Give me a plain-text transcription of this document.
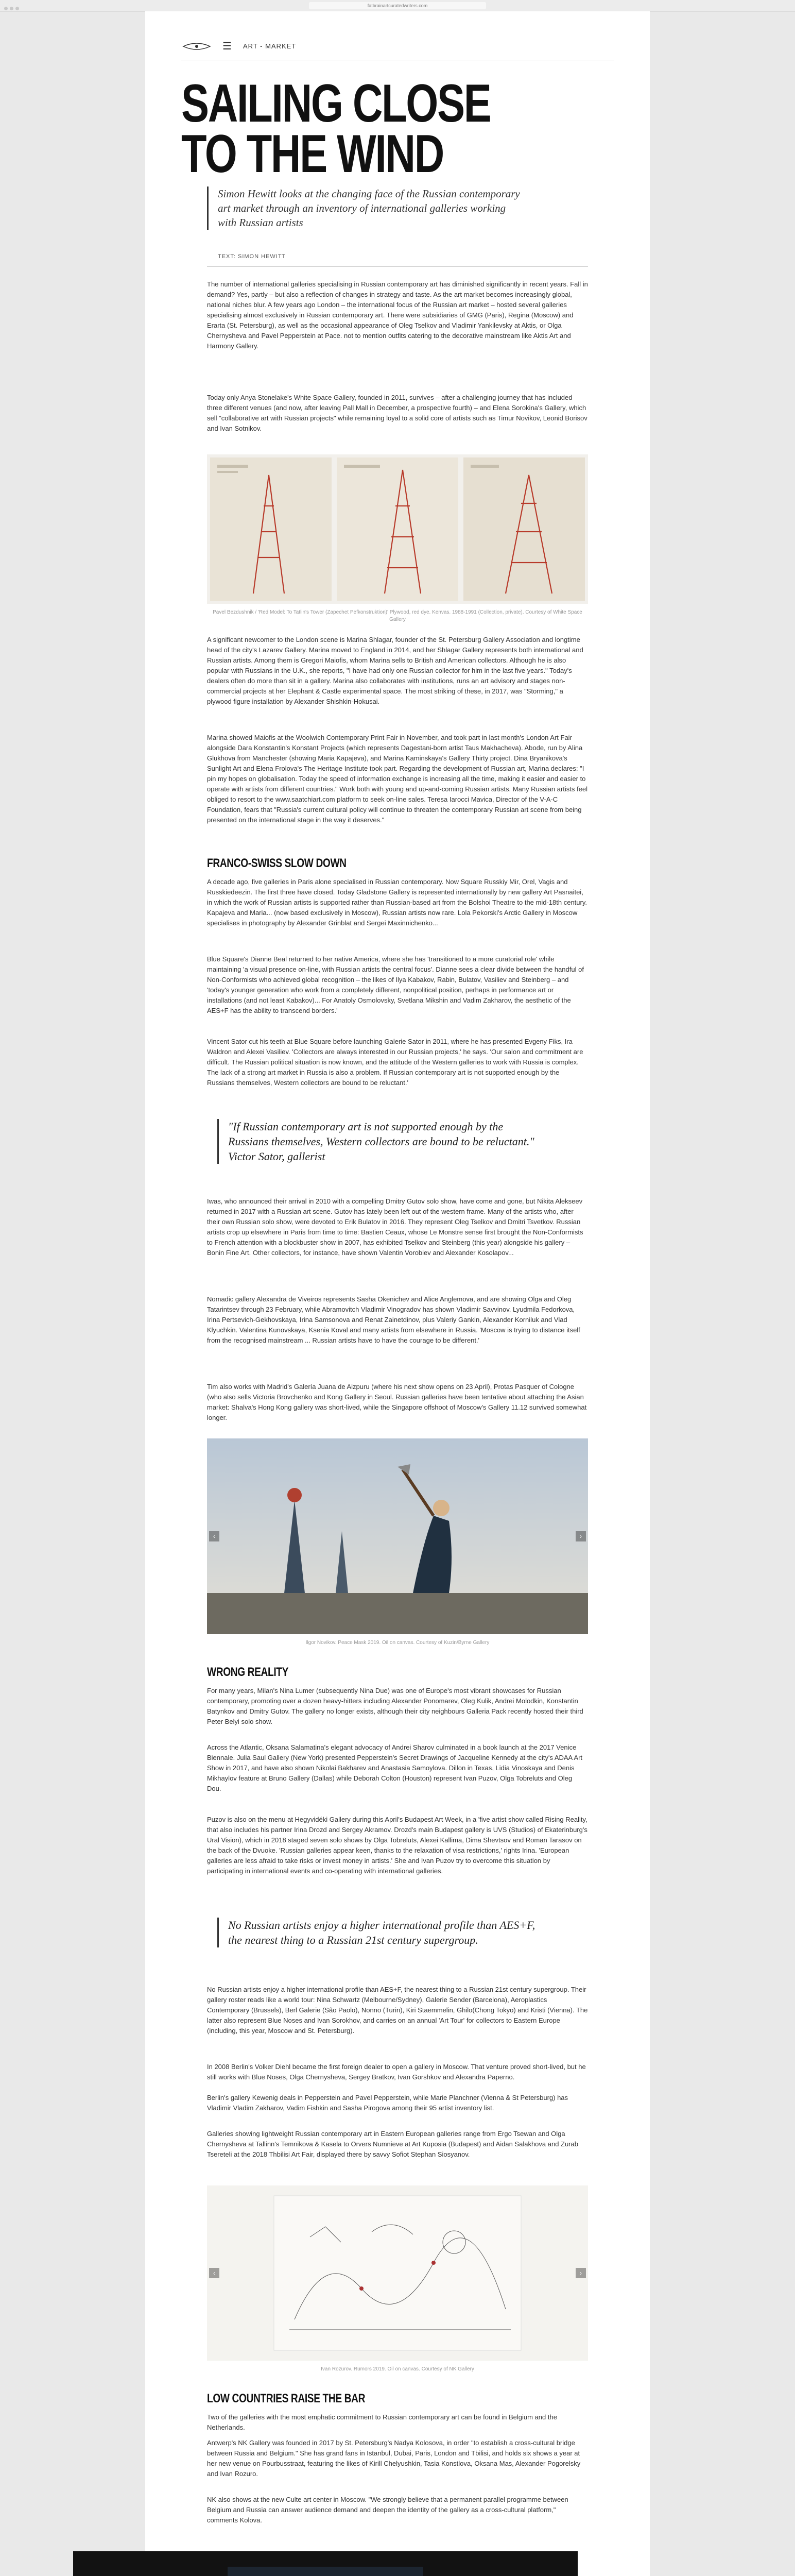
fatbrainartcuratedwriters.com
☰ ART - MARKET
SAILING CLOSE
TO THE WIND
Simon Hewitt looks at the changing face of the Russian contemporary art market through an inventory of international galleries working with Russian artists
TEXT: SIMON HEWITT

The number of international galleries specialising in Russian contemporary art has diminished significantly in recent years. Fall in demand? Yes, partly – but also a reflection of changes in strategy and taste. As the art market becomes increasingly global, national niches blur. A few years ago London – the international focus of the Russian art market – hosted several galleries specialising almost exclusively in Russian contemporary art. There were subsidiaries of GMG (Paris), Regina (Moscow) and Erarta (St. Petersburg), as well as the occasional appearance of Oleg Tselkov and Vladimir Yankilevsky at Aktis, or Olga Chernysheva and Pavel Pepperstein at Pace. not to mention outfits catering to the decorative mainstream like Aktis Art and Harmony Gallery.

Today only Anya Stonelake's White Space Gallery, founded in 2011, survives – after a challenging journey that has included three different venues (and now, after leaving Pall Mall in December, a prospective fourth) – and Elena Sorokina's Gallery, which sell "collaborative art with Russian projects" while remaining loyal to a solid core of artists such as Timur Novikov, Leonid Borisov and Ivan Sotnikov.

Pavel Bezdushnik / 'Red Model: To Tatlin's Tower (Zapechet Pefkonstruktion)' Plywood, red dye. Kenvas. 1988-1991 (Collection, private). Courtesy of White Space Gallery

A significant newcomer to the London scene is Marina Shlagar, founder of the St. Petersburg Gallery Association and longtime head of the city's Lazarev Gallery. Marina moved to England in 2014, and her Shlagar Gallery represents both international and Russian artists. Among them is Gregori Maiofis, whom Marina sells to British and American collectors. Although he is also popular with Russians in the U.K., she reports, "I have had only one Russian collector for him in the last five years." Today's dealers often do more than sit in a gallery. Marina also collaborates with institutions, runs an art advisory and stages non-commercial projects at her Elephant & Castle experimental space. The most striking of these, in 2017, was "Storming," a plywood figure installation by Alexander Shishkin-Hokusai.

Marina showed Maiofis at the Woolwich Contemporary Print Fair in November, and took part in last month's London Art Fair alongside Dara Konstantin's Konstant Projects (which represents Dagestani-born artist Taus Makhacheva). Abode, run by Alina Glukhova from Manchester (showing Maria Kapajeva), and Marina Kaminskaya's Gallery Thirty project. Dina Bryanikova's Sunlight Art and Elena Frolova's The Heritage Institute took part. Regarding the development of Russian art, Marina declares: "I pin my hopes on globalisation. Today the speed of information exchange is increasing all the time, making it easier and easier to operate with artists from different countries." Work both with young and up-and-coming Russian artists. Many Russian artists feel obliged to resort to the www.saatchiart.com platform to seek on-line sales. Teresa Iarocci Mavica, Director of the V-A-C Foundation, fears that "Russia's current cultural policy will continue to threaten the contemporary Russian art scene from being presented on the international stage in the way it deserves."

FRANCO-SWISS SLOW DOWN

A decade ago, five galleries in Paris alone specialised in Russian contemporary. Now Square Russkiy Mir, Orel, Vagis and Russkiedeezin. The first three have closed. Today Gladstone Gallery is represented internationally by new gallery Art Pasnaitei, in which the work of Russian artists is supported rather than Russian-based art from the Bolshoi Theatre to the mid-18th century. Kapajeva and Maria... (now based exclusively in Moscow), Russian artists now rare. Lola Pekorski's Arctic Gallery in Moscow specialises in photography by Alexander Grinblat and Sergei Maxinnichenko...

Blue Square's Dianne Beal returned to her native America, where she has 'transitioned to a more curatorial role' while maintaining 'a visual presence on-line, with Russian artists the central focus'. Dianne sees a clear divide between the handful of Non-Conformists who achieved global recognition – the likes of Ilya Kabakov, Rabin, Bulatov, Vasiliev and Steinberg – and 'today's younger generation who work from a completely different, nonpolitical position, perhaps in performance art or installations (and not least Kabakov)... For Anatoly Osmolovsky, Svetlana Mikshin and Vadim Zakharov, the aesthetic of the AES+F has the ability to transcend borders.'

Vincent Sator cut his teeth at Blue Square before launching Galerie Sator in 2011, where he has presented Evgeny Fiks, Ira Waldron and Alexei Vasiliev. 'Collectors are always interested in our Russian projects,' he says. 'Our salon and commitment are difficult. The Russian political situation is now known, and the attitude of the Western galleries to work with Russia is complex. The lack of a strong art market in Russia is also a problem. If Russian contemporary art is not supported enough by the Russians themselves, Western collectors are bound to be reluctant.'

"If Russian contemporary art is not supported enough by the Russians themselves, Western collectors are bound to be reluctant." Victor Sator, gallerist

Iwas, who announced their arrival in 2010 with a compelling Dmitry Gutov solo show, have come and gone, but Nikita Alekseev returned in 2017 with a Russian art scene. Gutov has lately been left out of the western frame. Many of the artists who, after their own Russian solo show, were devoted to Erik Bulatov in 2016. They represent Oleg Tselkov and Dmitri Tsvetkov. Russian artists crop up elsewhere in Paris from time to time: Bastien Ceaux, whose Le Monstre sense first brought the Non-Conformists to French attention with a blockbuster show in 2007, has exhibited Tselkov and Steinberg (this year) alongside his gallery – Bonin Fine Art. Other collectors, for instance, have shown Valentin Vorobiev and Alexander Kosolapov...

Nomadic gallery Alexandra de Viveiros represents Sasha Okenichev and Alice Anglemova, and are showing Olga and Oleg Tatarintsev through 23 February, while Abramovitch Vladimir Vinogradov has shown Vladimir Savvinov. Lyudmila Fedorkova, Irina Pertsevich-Gekhovskaya, Irina Samsonova and Renat Zainetdinov, plus Valeriy Gankin, Alexander Korniluk and Vlad Klyuchkin. Valentina Kunovskaya, Ksenia Koval and many artists from elsewhere in Russia. 'Moscow is trying to distance itself from the recognised mainstream ... Russian artists have to have the courage to be different.'

Tim also works with Madrid's Galería Juana de Aizpuru (where his next show opens on 23 April), Protas Pasquer of Cologne (who also sells Victoria Brovchenko and Kong Gallery in Seoul. Russian galleries have been tentative about attaching the Asian market: Shalva's Hong Kong gallery was short-lived, while the Singapore offshoot of Moscow's Gallery 11.12 survived somewhat longer.

‹	›
Ilgor Novikov. Peace Mask 2019. Oil on canvas. Courtesy of Kuzin/Byrne Gallery
WRONG REALITY

For many years, Milan's Nina Lumer (subsequently Nina Due) was one of Europe's most vibrant showcases for Russian contemporary, promoting over a dozen heavy-hitters including Alexander Ponomarev, Oleg Kulik, Andrei Molodkin, Konstantin Batynkov and Dmitry Gutov. The gallery no longer exists, although their city neighbours Galleria Pack recently hosted their third Peter Belyi solo show.

Across the Atlantic, Oksana Salamatina's elegant advocacy of Andrei Sharov culminated in a book launch at the 2017 Venice Biennale. Julia Saul Gallery (New York) presented Pepperstein's Secret Drawings of Jacqueline Kennedy at the city's ADAA Art Show in 2017, and have also shown Nikolai Bakharev and Anastasia Samoylova. Dillon in Texas, Lidia Vinoskaya and Denis Mikhaylov feature at Bruno Gallery (Dallas) while Deborah Colton (Houston) represent Ivan Puzov, Olga Tobreluts and Oleg Dou.

Puzov is also on the menu at Hegyvidéki Gallery during this April's Budapest Art Week, in a 'five artist show called Rising Reality, that also includes his partner Irina Drozd and Sergey Akramov. Drozd's main Budapest gallery is UVS (Studios) of Ekaterinburg's Ural Vision), which in 2018 staged seven solo shows by Olga Tobreluts, Alexei Kallima, Dima Shevtsov and Roman Tarasov on the back of the Dvuoke. 'Russian galleries appear keen, thanks to the relaxation of visa restrictions,' rights Irina. 'European galleries are less afraid to take risks or invest money in artists.' She and Ivan Puzov try to overcome this situation by participating in international events and co-operating with international galleries.

No Russian artists enjoy a higher international profile than AES+F, the nearest thing to a Russian 21st century supergroup.

No Russian artists enjoy a higher international profile than AES+F, the nearest thing to a Russian 21st century supergroup. Their gallery roster reads like a world tour: Nina Schwartz (Melbourne/Sydney), Galerie Sender (Barcelona), Aeroplastics Contemporary (Brussels), Berl Galerie (São Paolo), Nonno (Turin), Kiri Staemmelin, Ghilo(Chong Tokyo) and Kristi (Vienna). The latter also represent Blue Noses and Ivan Sorokhov, and carries on an annual 'Art Tour' for collectors to Eastern Europe (including, this year, Moscow and St. Petersburg).

In 2008 Berlin's Volker Diehl became the first foreign dealer to open a gallery in Moscow. That venture proved short-lived, but he still works with Blue Noses, Olga Chernysheva, Sergey Bratkov, Ivan Gorshkov and Alexandra Paperno.

Berlin's gallery Kewenig deals in Pepperstein and Pavel Pepperstein, while Marie Planchner (Vienna & St Petersburg) has Vladimir Vladim Zakharov, Vadim Fishkin and Sasha Pirogova among their 95 artist inventory list.

Galleries showing lightweight Russian contemporary art in Eastern European galleries range from Ergo Tsewan and Olga Chernysheva at Tallinn's Temnikova & Kasela to Orvers Numnieve at Art Kuposia (Budapest) and Aidan Salakhova and Zurab Tsereteli at the 2018 Thbilisi Art Fair, displayed there by savvy Sofiot Stephan Siosyanov.

‹	›
Ivan Rozurov. Rumors 2019. Oil on canvas. Courtesy of NK Gallery
LOW COUNTRIES RAISE THE BAR

Two of the galleries with the most emphatic commitment to Russian contemporary art can be found in Belgium and the Netherlands.

Antwerp's NK Gallery was founded in 2017 by St. Petersburg's Nadya Kolosova, in order "to establish a cross-cultural bridge between Russia and Belgium." She has grand fans in Istanbul, Dubai, Paris, London and Tbilisi, and holds six shows a year at her new venue on Pourbusstraat, featuring the likes of Kirill Chelyushkin, Tasia Konstlova, Oksana Mas, Alexander Pogorelsky and Ivan Rozuro.

NK also shows at the new Culte art center in Moscow. "We strongly believe that a permanent parallel programme between Belgium and Russia can answer audience demand and deepen the identity of the gallery as a cross-cultural platform," comments Kolova.
